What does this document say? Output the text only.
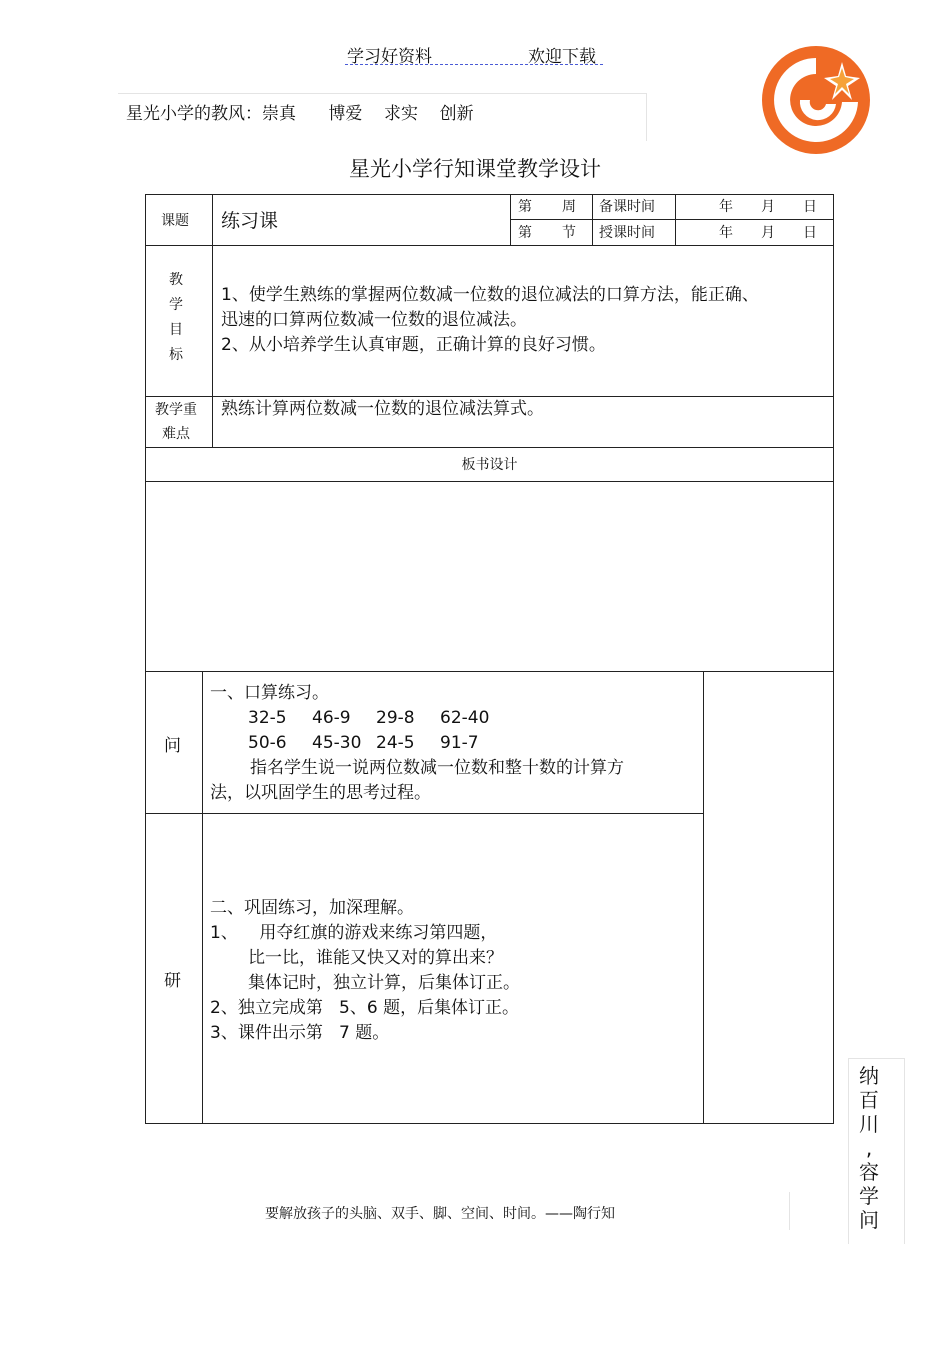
学习好资料	欢迎下载
星光小学的教风：崇真      博爱    求实    创新
星光小学行知课堂教学设计
课题 练习课
第 周
第 节
备课时间
授课时间
年 月 日
年 月 日
教
学
目
标
1、使学生熟练的掌握两位数减一位数的退位减法的口算方法，能正确、
迅速的口算两位数减一位数的退位减法。
2、从小培养学生认真审题，正确计算的良好习惯。
教学重
难点
熟练计算两位数减一位数的退位减法算式。
板书设计
问
一、口算练习。
32-5 46-9 29-8 62-40
50-6 45-30 24-5 91-7
指名学生说一说两位数减一位数和整十数的计算方
法，以巩固学生的思考过程。
研
二、巩固练习，加深理解。
1、    用夺红旗的游戏来练习第四题，
比一比，谁能又快又对的算出来？
集体记时，独立计算，后集体订正。
2、独立完成第   5、6 题，后集体订正。
3、课件出示第   7 题。
纳
百
川
,
容
学
问
要解放孩子的头脑、双手、脚、空间、时间。——陶行知
